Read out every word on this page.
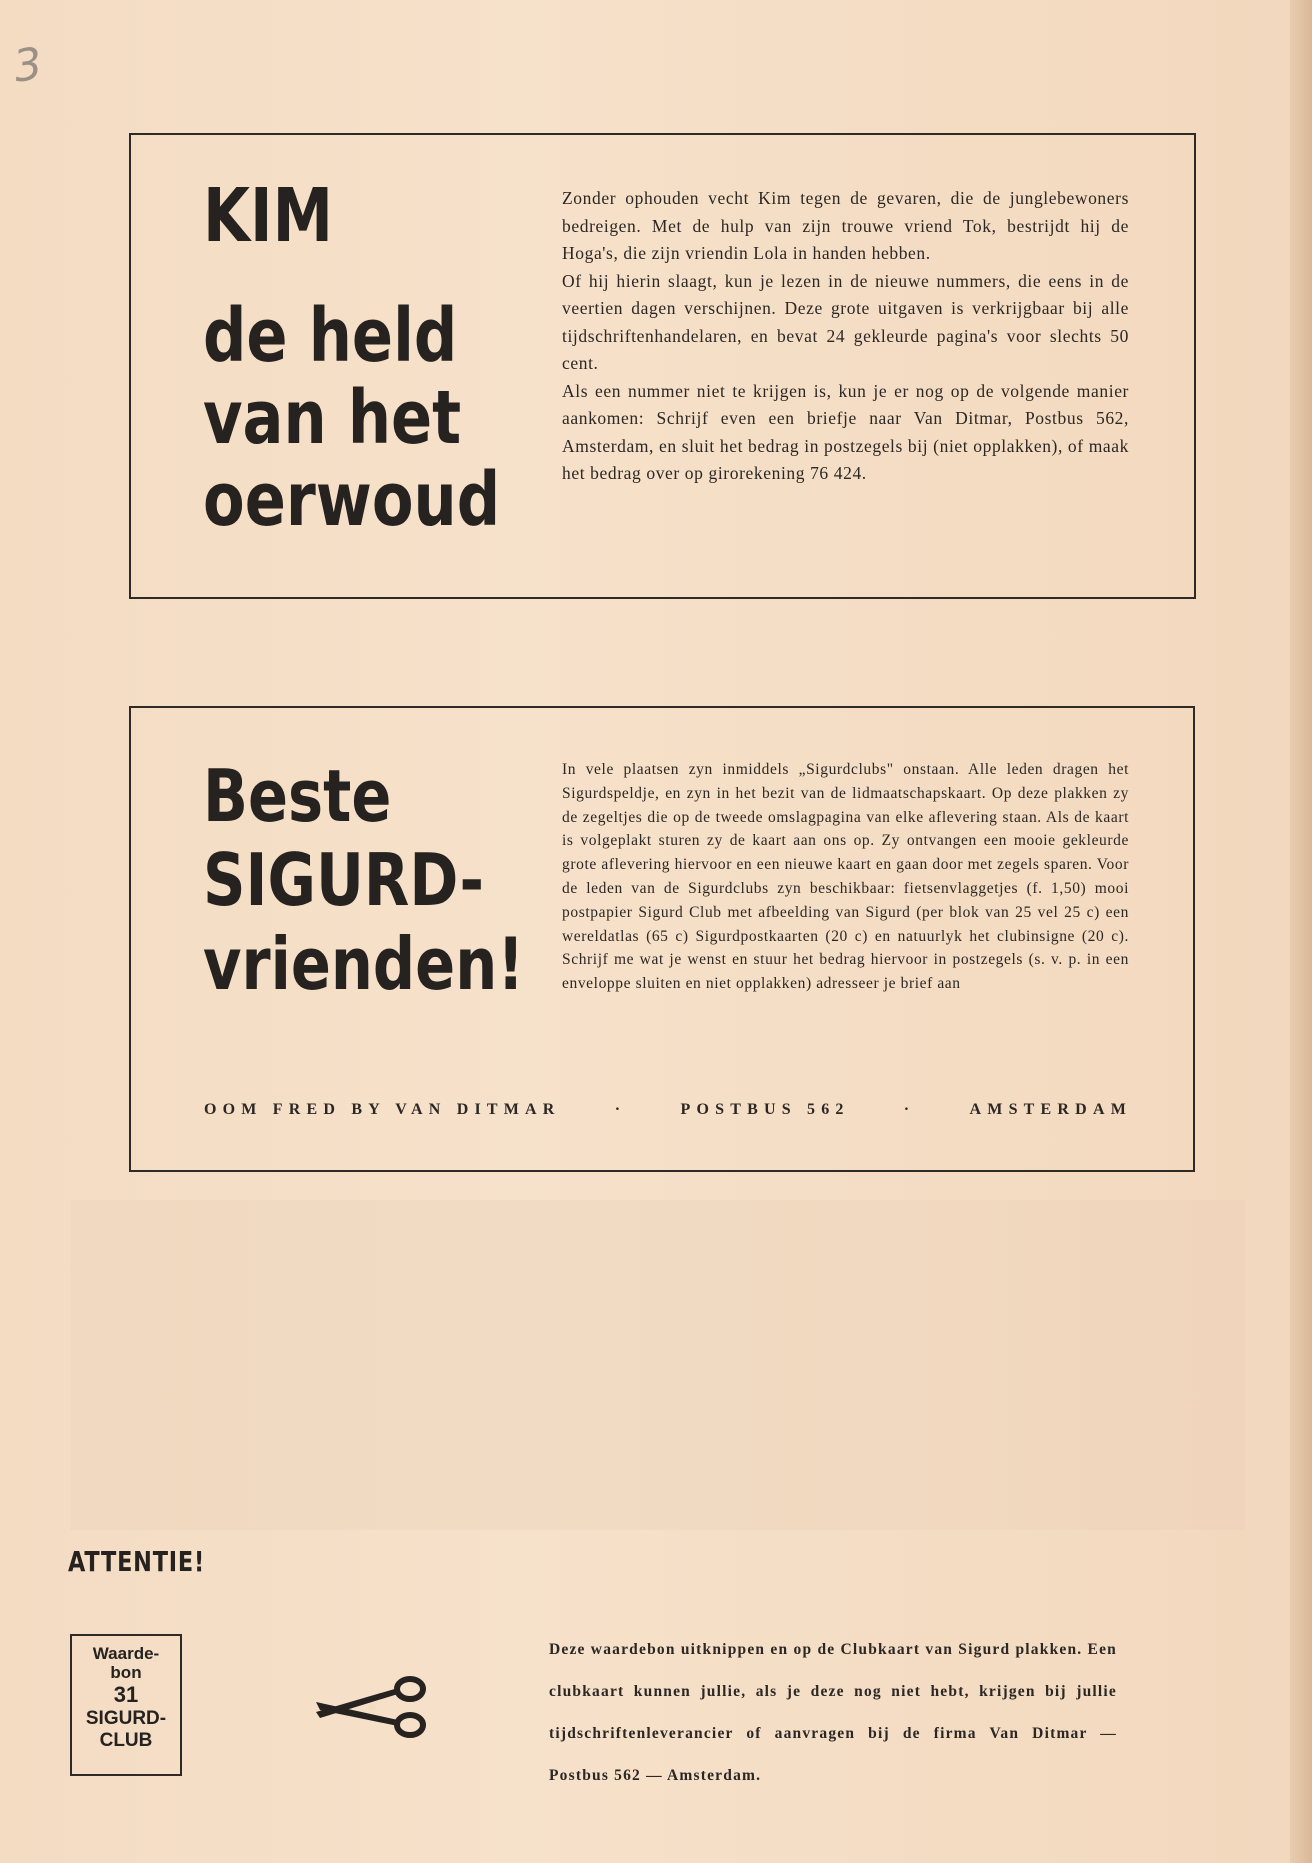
3
KIM
de held
van het
oerwoud

Zonder ophouden vecht Kim tegen de gevaren, die de junglebewoners bedreigen. Met de hulp van zijn trouwe vriend Tok, bestrijdt hij de Hoga's, die zijn vriendin Lola in handen hebben.

Of hij hierin slaagt, kun je lezen in de nieuwe nummers, die eens in de veertien dagen verschijnen. Deze grote uitgaven is verkrijgbaar bij alle tijdschriftenhandelaren, en bevat 24 gekleurde pagina's voor slechts 50 cent.

Als een nummer niet te krijgen is, kun je er nog op de volgende manier aankomen: Schrijf even een briefje naar Van Ditmar, Postbus 562, Amsterdam, en sluit het bedrag in postzegels bij (niet opplakken), of maak het bedrag over op girorekening 76 424.

Beste
SIGURD-
vrienden!

In vele plaatsen zyn inmiddels „Sigurdclubs" onstaan. Alle leden dragen het Sigurdspeldje, en zyn in het bezit van de lidmaatschapskaart. Op deze plakken zy de zegeltjes die op de tweede omslagpagina van elke aflevering staan. Als de kaart is volgeplakt sturen zy de kaart aan ons op. Zy ontvangen een mooie gekleurde grote aflevering hiervoor en een nieuwe kaart en gaan door met zegels sparen. Voor de leden van de Sigurdclubs zyn beschikbaar: fietsenvlaggetjes (f. 1,50) mooi postpapier Sigurd Club met afbeelding van Sigurd (per blok van 25 vel 25 c) een wereldatlas (65 c) Sigurdpostkaarten (20 c) en natuurlyk het clubinsigne (20 c). Schrijf me wat je wenst en stuur het bedrag hiervoor in postzegels (s. v. p. in een enveloppe sluiten en niet opplakken) adresseer je brief aan

OOM FRED BY VAN DITMAR	·	POSTBUS 562	·	AMSTERDAM
ATTENTIE!
Waarde-
bon
31
SIGURD-
CLUB

Deze waardebon uitknippen en op de Clubkaart van Sigurd plakken. Een clubkaart kunnen jullie, als je deze nog niet hebt, krijgen bij jullie tijdschriftenleverancier of aanvragen bij de firma Van Ditmar — Postbus 562 — Amsterdam.
